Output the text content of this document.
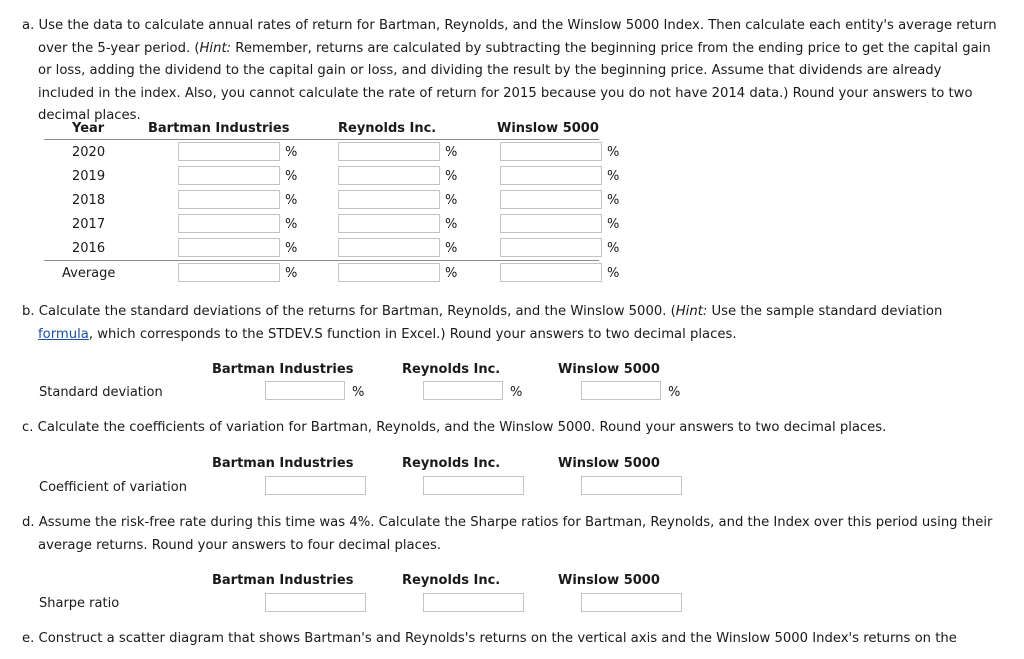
a. Use the data to calculate annual rates of return for Bartman, Reynolds, and the Winslow 5000 Index. Then calculate each entity's average return over the 5-year period. (Hint: Remember, returns are calculated by subtracting the beginning price from the ending price to get the capital gain or loss, adding the dividend to the capital gain or loss, and dividing the result by the beginning price. Assume that dividends are already included in the index. Also, you cannot calculate the rate of return for 2015 because you do not have 2014 data.) Round your answers to two decimal places.

Year	Bartman Industries	Reynolds Inc.	Winslow 5000
2020	%	%	%
2019	%	%	%
2018	%	%	%
2017	%	%	%
2016	%	%	%
Average	%	%	%

b. Calculate the standard deviations of the returns for Bartman, Reynolds, and the Winslow 5000. (Hint: Use the sample standard deviation formula, which corresponds to the STDEV.S function in Excel.) Round your answers to two decimal places.

Bartman Industries	Reynolds Inc.	Winslow 5000
Standard deviation	%	%	%

c. Calculate the coefficients of variation for Bartman, Reynolds, and the Winslow 5000. Round your answers to two decimal places.

Bartman Industries	Reynolds Inc.	Winslow 5000
Coefficient of variation

d. Assume the risk-free rate during this time was 4%. Calculate the Sharpe ratios for Bartman, Reynolds, and the Index over this period using their average returns. Round your answers to four decimal places.

Bartman Industries	Reynolds Inc.	Winslow 5000
Sharpe ratio

e. Construct a scatter diagram that shows Bartman's and Reynolds's returns on the vertical axis and the Winslow 5000 Index's returns on the
